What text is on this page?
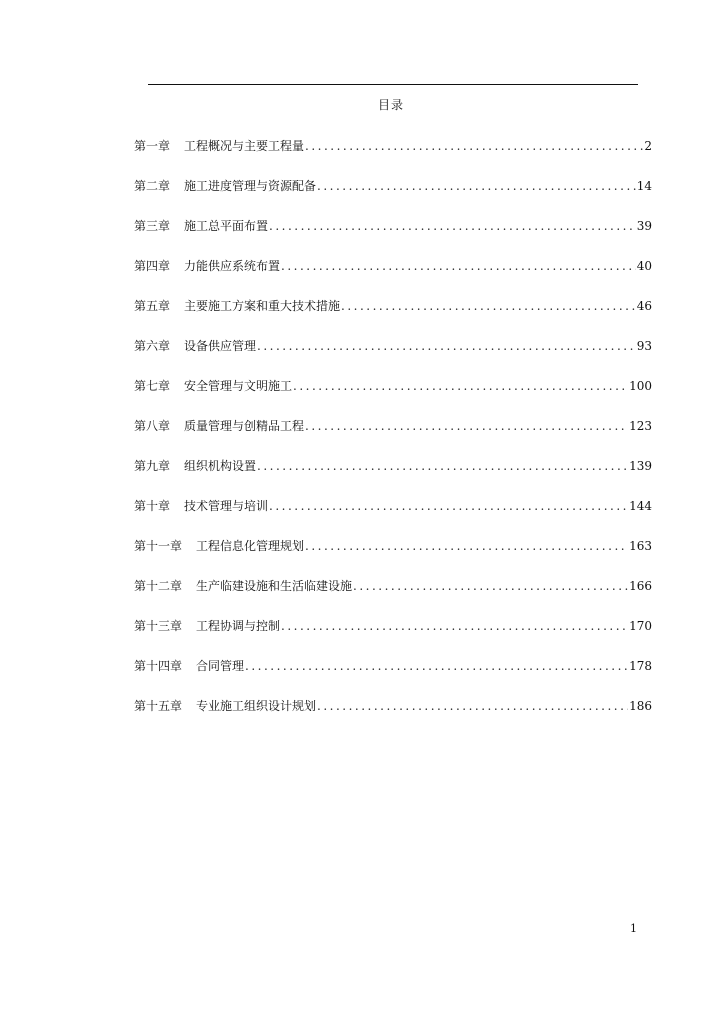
目录
第一章 工程概况与主要工程量 .....	2
第二章 施工进度管理与资源配备 .....	14
第三章 施工总平面布置 .....	39
第四章 力能供应系统布置 .....	40
第五章 主要施工方案和重大技术措施 .....	46
第六章 设备供应管理 .....	93
第七章 安全管理与文明施工 .....	100
第八章 质量管理与创精品工程 .....	123
第九章 组织机构设置 .....	139
第十章 技术管理与培训 .....	144
第十一章 工程信息化管理规划 .....	163
第十二章 生产临建设施和生活临建设施 .....	166
第十三章 工程协调与控制 .....	170
第十四章 合同管理 .....	178
第十五章 专业施工组织设计规划 .....	186
1
